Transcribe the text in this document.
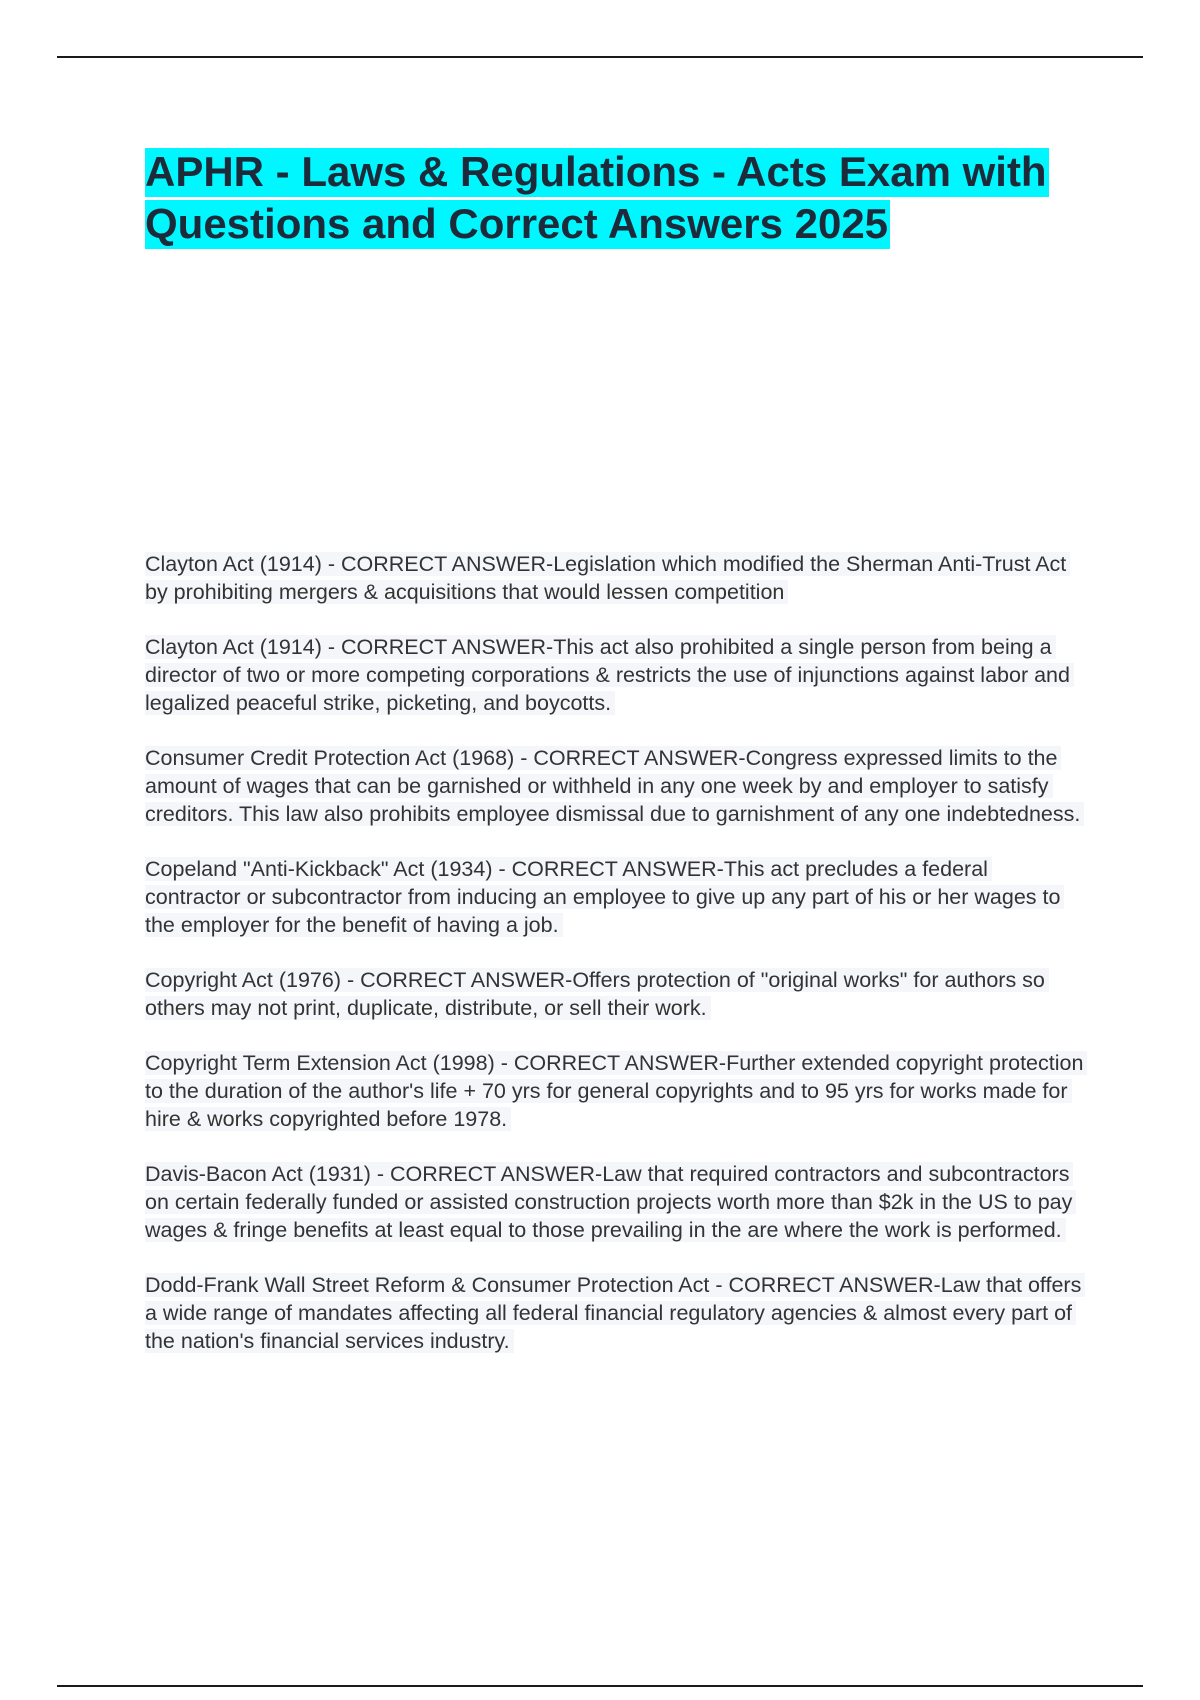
APHR - Laws & Regulations - Acts Exam with Questions and Correct Answers 2025
Clayton Act (1914) - CORRECT ANSWER-Legislation which modified the Sherman Anti-Trust Act by prohibiting mergers & acquisitions that would lessen competition
Clayton Act (1914) - CORRECT ANSWER-This act also prohibited a single person from being a director of two or more competing corporations & restricts the use of injunctions against labor and legalized peaceful strike, picketing, and boycotts.
Consumer Credit Protection Act (1968) - CORRECT ANSWER-Congress expressed limits to the amount of wages that can be garnished or withheld in any one week by and employer to satisfy creditors. This law also prohibits employee dismissal due to garnishment of any one indebtedness.
Copeland "Anti-Kickback" Act (1934) - CORRECT ANSWER-This act precludes a federal contractor or subcontractor from inducing an employee to give up any part of his or her wages to the employer for the benefit of having a job.
Copyright Act (1976) - CORRECT ANSWER-Offers protection of "original works" for authors so others may not print, duplicate, distribute, or sell their work.
Copyright Term Extension Act (1998) - CORRECT ANSWER-Further extended copyright protection to the duration of the author's life + 70 yrs for general copyrights and to 95 yrs for works made for hire & works copyrighted before 1978.
Davis-Bacon Act (1931) - CORRECT ANSWER-Law that required contractors and subcontractors on certain federally funded or assisted construction projects worth more than $2k in the US to pay wages & fringe benefits at least equal to those prevailing in the are where the work is performed.
Dodd-Frank Wall Street Reform & Consumer Protection Act - CORRECT ANSWER-Law that offers a wide range of mandates affecting all federal financial regulatory agencies & almost every part of the nation's financial services industry.
